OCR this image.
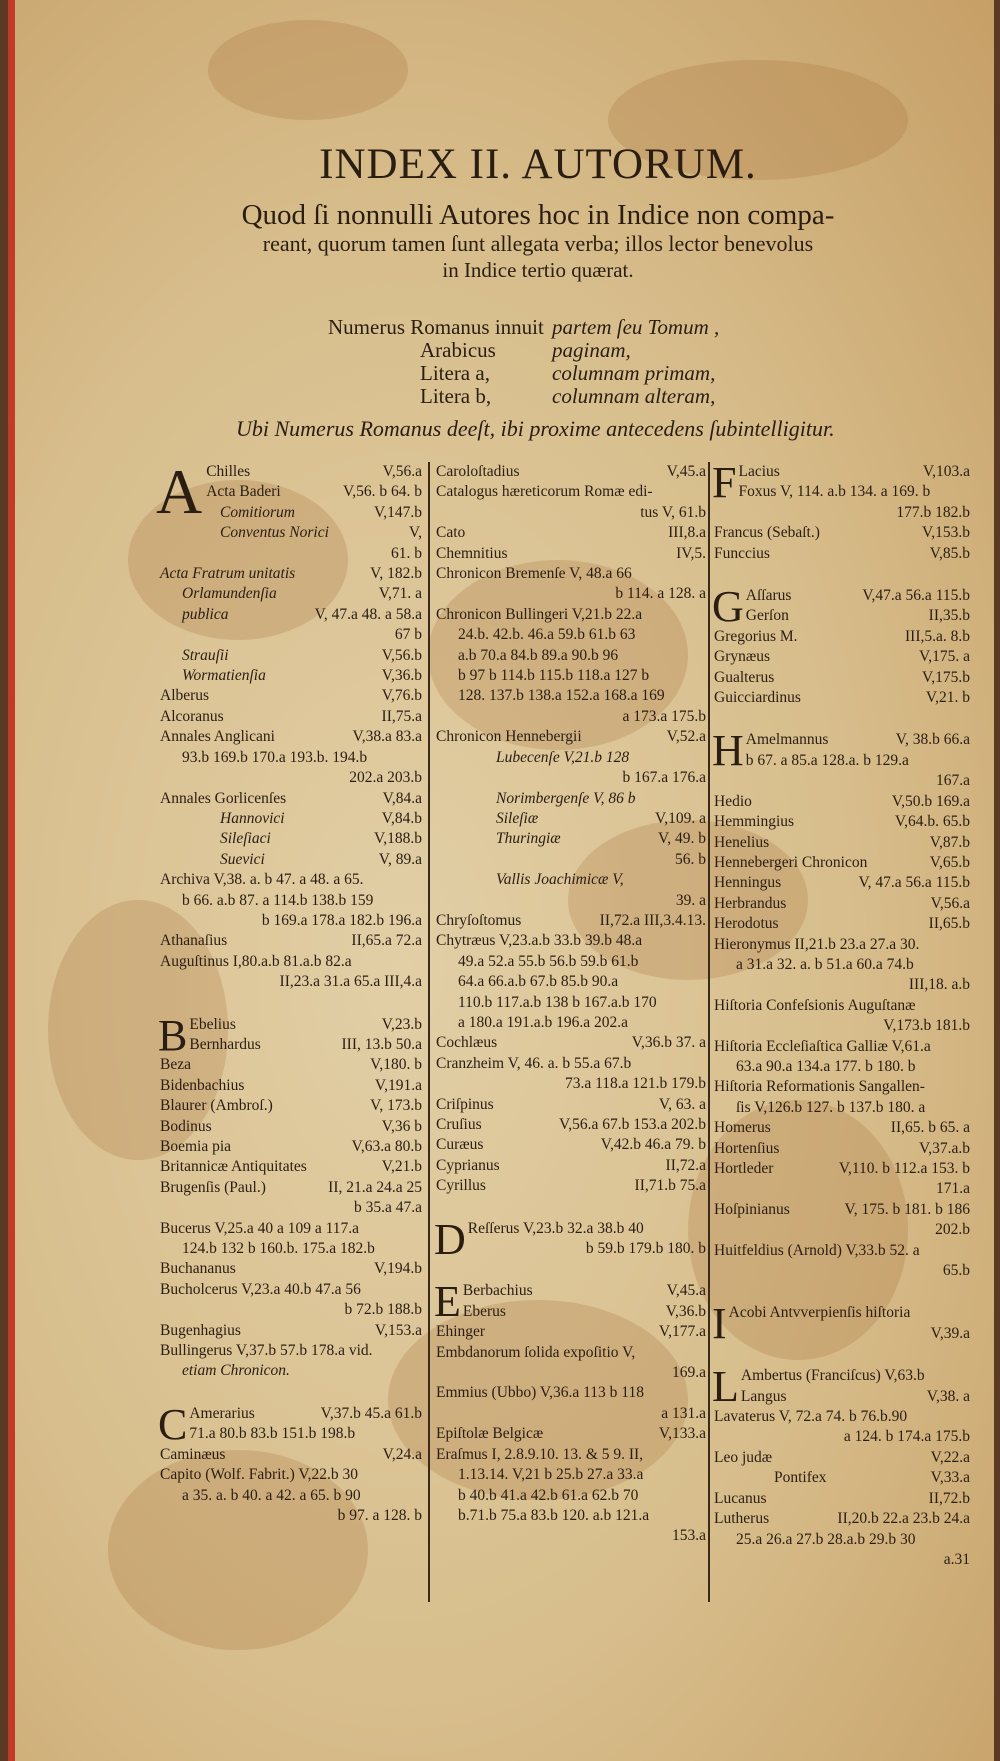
INDEX II. AUTORUM.

Quod ſi nonnulli Autores hoc in Indice non compa-

reant, quorum tamen ſunt allegata verba; illos lector benevolus

in Indice tertio quærat.

Numerus Romanus innuit partem ſeu Tomum ,
Arabicus	paginam,
Litera a,	columnam primam,
Litera b,	columnam alteram,
Ubi Numerus Romanus deeſt, ibi proxime antecedens ſubintelligitur.
A Chilles	V,56.a
Acta Baderi	V,56. b 64. b
Comitiorum	V,147.b
Conventus Norici	V,
61. b
Acta Fratrum unitatis	V, 182.b
Orlamundenſia	V,71. a
publica	V, 47.a 48. a 58.a
67 b
Strauſii	V,56.b
Wormatienſia	V,36.b
Alberus	V,76.b
Alcoranus	II,75.a
Annales Anglicani	V,38.a 83.a
93.b 169.b 170.a 193.b. 194.b
202.a 203.b
Annales Gorlicenſes	V,84.a
Hannovici	V,84.b
Sileſiaci	V,188.b
Suevici	V, 89.a
Archiva V,38. a. b 47. a 48. a 65.
b 66. a.b 87. a 114.b 138.b 159
b 169.a 178.a 182.b 196.a
Athanaſius	II,65.a 72.a
Auguſtinus I,80.a.b 81.a.b 82.a
II,23.a 31.a 65.a III,4.a
B Ebelius	V,23.b
Bernhardus	III, 13.b 50.a
Beza	V,180. b
Bidenbachius	V,191.a
Blaurer (Ambroſ.)	V, 173.b
Bodinus	V,36 b
Boemia pia	V,63.a 80.b
Britannicæ Antiquitates	V,21.b
Brugenſis (Paul.)	II, 21.a 24.a 25
b 35.a 47.a
Bucerus V,25.a 40 a 109 a 117.a
124.b 132 b 160.b. 175.a 182.b
Buchananus	V,194.b
Bucholcerus V,23.a 40.b 47.a 56
b 72.b 188.b
Bugenhagius	V,153.a
Bullingerus V,37.b 57.b 178.a vid.
etiam Chronicon.
C Amerarius	V,37.b 45.a 61.b
71.a 80.b 83.b 151.b 198.b
Caminæus	V,24.a
Capito (Wolf. Fabrit.) V,22.b 30
a 35. a. b 40. a 42. a 65. b 90
b 97. a 128. b
Caroloſtadius	V,45.a
Catalogus hæreticorum Romæ edi-
tus V, 61.b
Cato	III,8.a
Chemnitius	IV,5.
Chronicon Bremenſe V, 48.a 66
b 114. a 128. a
Chronicon Bullingeri V,21.b 22.a
24.b. 42.b. 46.a 59.b 61.b 63
a.b 70.a 84.b 89.a 90.b 96
b 97 b 114.b 115.b 118.a 127 b
128. 137.b 138.a 152.a 168.a 169
a 173.a 175.b
Chronicon Hennebergii	V,52.a
Lubecenſe V,21.b 128
b 167.a 176.a
Norimbergenſe V, 86 b
Sileſiæ	V,109. a
Thuringiæ	V, 49. b
56. b
Vallis Joachimicæ V,
39. a
Chryſoſtomus	II,72.a III,3.4.13.
Chytræus V,23.a.b 33.b 39.b 48.a
49.a 52.a 55.b 56.b 59.b 61.b
64.a 66.a.b 67.b 85.b 90.a
110.b 117.a.b 138 b 167.a.b 170
a 180.a 191.a.b 196.a 202.a
Cochlæus	V,36.b 37. a
Cranzheim V, 46. a. b 55.a 67.b
73.a 118.a 121.b 179.b
Criſpinus	V, 63. a
Cruſius	V,56.a 67.b 153.a 202.b
Curæus	V,42.b 46.a 79. b
Cyprianus	II,72.a
Cyrillus	II,71.b 75.a
D Reſſerus V,23.b 32.a 38.b 40
b 59.b 179.b 180. b
E Berbachius	V,45.a
Eberus	V,36.b
Ehinger	V,177.a
Embdanorum ſolida expoſitio V,
169.a
Emmius (Ubbo) V,36.a 113 b 118
a 131.a
Epiſtolæ Belgicæ	V,133.a
Eraſmus I, 2.8.9.10. 13. & 5 9. II,
1.13.14. V,21 b 25.b 27.a 33.a
b 40.b 41.a 42.b 61.a 62.b 70
b.71.b 75.a 83.b 120. a.b 121.a
153.a
F Lacius	V,103.a
Foxus V, 114. a.b 134. a 169. b
177.b 182.b
Francus (Sebaſt.)	V,153.b
Funccius	V,85.b
G Aſſarus	V,47.a 56.a 115.b
Gerſon	II,35.b
Gregorius M.	III,5.a. 8.b
Grynæus	V,175. a
Gualterus	V,175.b
Guicciardinus	V,21. b
H Amelmannus	V, 38.b 66.a
b 67. a 85.a 128.a. b 129.a
167.a
Hedio	V,50.b 169.a
Hemmingius	V,64.b. 65.b
Henelius	V,87.b
Hennebergeri Chronicon	V,65.b
Henningus	V, 47.a 56.a 115.b
Herbrandus	V,56.a
Herodotus	II,65.b
Hieronymus II,21.b 23.a 27.a 30.
a 31.a 32. a. b 51.a 60.a 74.b
III,18. a.b
Hiſtoria Confeſsionis Auguſtanæ
V,173.b 181.b
Hiſtoria Eccleſiaſtica Galliæ V,61.a
63.a 90.a 134.a 177. b 180. b
Hiſtoria Reformationis Sangallen-
ſis V,126.b 127. b 137.b 180. a
Homerus	II,65. b 65. a
Hortenſius	V,37.a.b
Hortleder	V,110. b 112.a 153. b
171.a
Hoſpinianus	V, 175. b 181. b 186
202.b
Huitfeldius (Arnold) V,33.b 52. a
65.b
I Acobi Antvverpienſis hiſtoria
V,39.a
L Ambertus (Franciſcus) V,63.b
Langus	V,38. a
Lavaterus V, 72.a 74. b 76.b.90
a 124. b 174.a 175.b
Leo judæ	V,22.a
Pontifex	V,33.a
Lucanus	II,72.b
Lutherus	II,20.b 22.a 23.b 24.a
25.a 26.a 27.b 28.a.b 29.b 30
a.31
